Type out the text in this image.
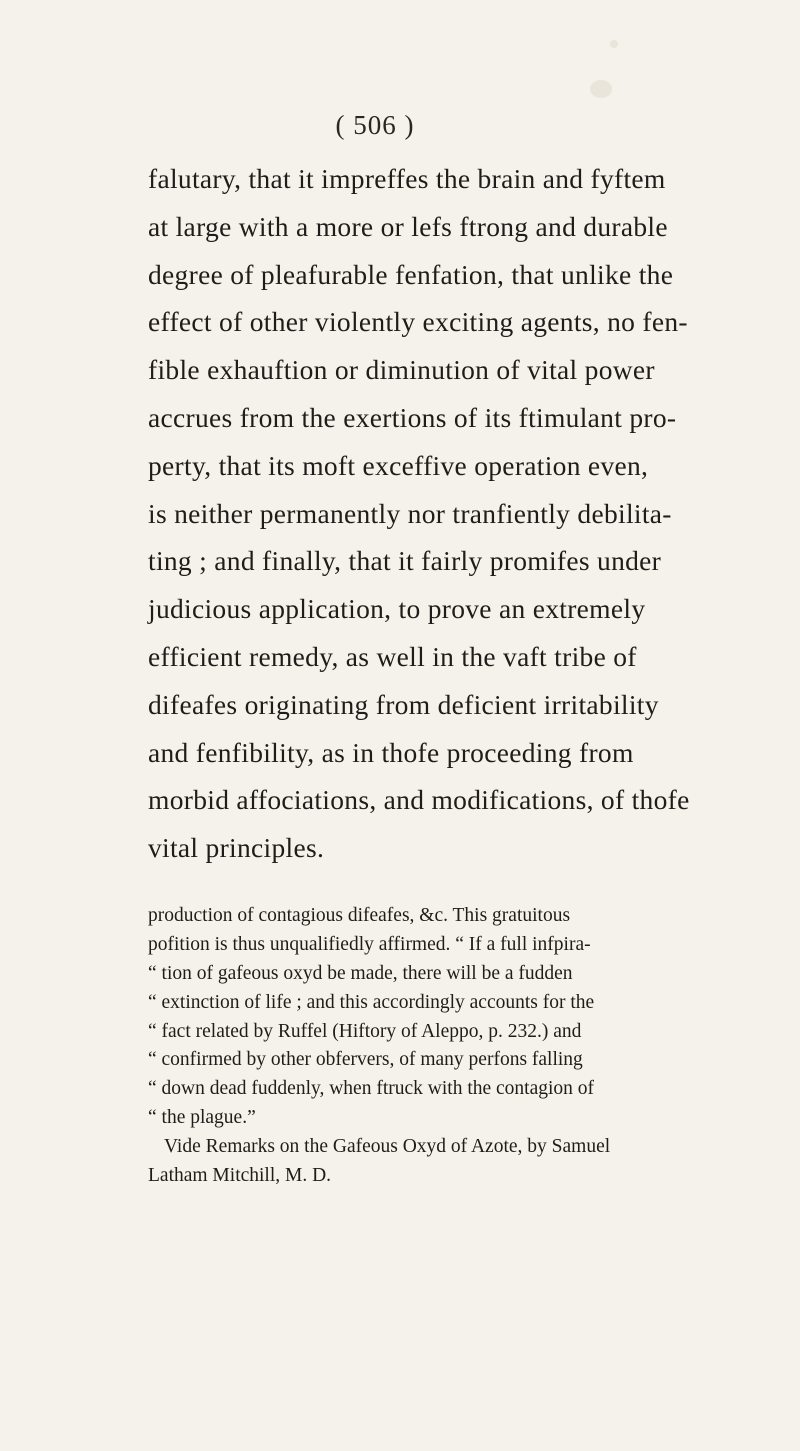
( 506 )
falutary, that it impreffes the brain and fyftem
at large with a more or lefs ftrong and durable
degree of pleafurable fenfation, that unlike the
effect of other violently exciting agents, no fen-
fible exhauftion or diminution of vital power
accrues from the exertions of its ftimulant pro-
perty, that its moft exceffive operation even,
is neither permanently nor tranfiently debilita-
ting ; and finally, that it fairly promifes under
judicious application, to prove an extremely
efficient remedy, as well in the vaft tribe of
difeafes originating from deficient irritability
and fenfibility, as in thofe proceeding from
morbid affociations, and modifications, of thofe
vital principles.
production of contagious difeafes, &c. This gratuitous
pofition is thus unqualifiedly affirmed. “ If a full infpira-
“ tion of gafeous oxyd be made, there will be a fudden
“ extinction of life ; and this accordingly accounts for the
“ fact related by Ruffel (Hiftory of Aleppo, p. 232.) and
“ confirmed by other obfervers, of many perfons falling
“ down dead fuddenly, when ftruck with the contagion of
“ the plague.”
Vide Remarks on the Gafeous Oxyd of Azote, by Samuel
Latham Mitchill, M. D.
